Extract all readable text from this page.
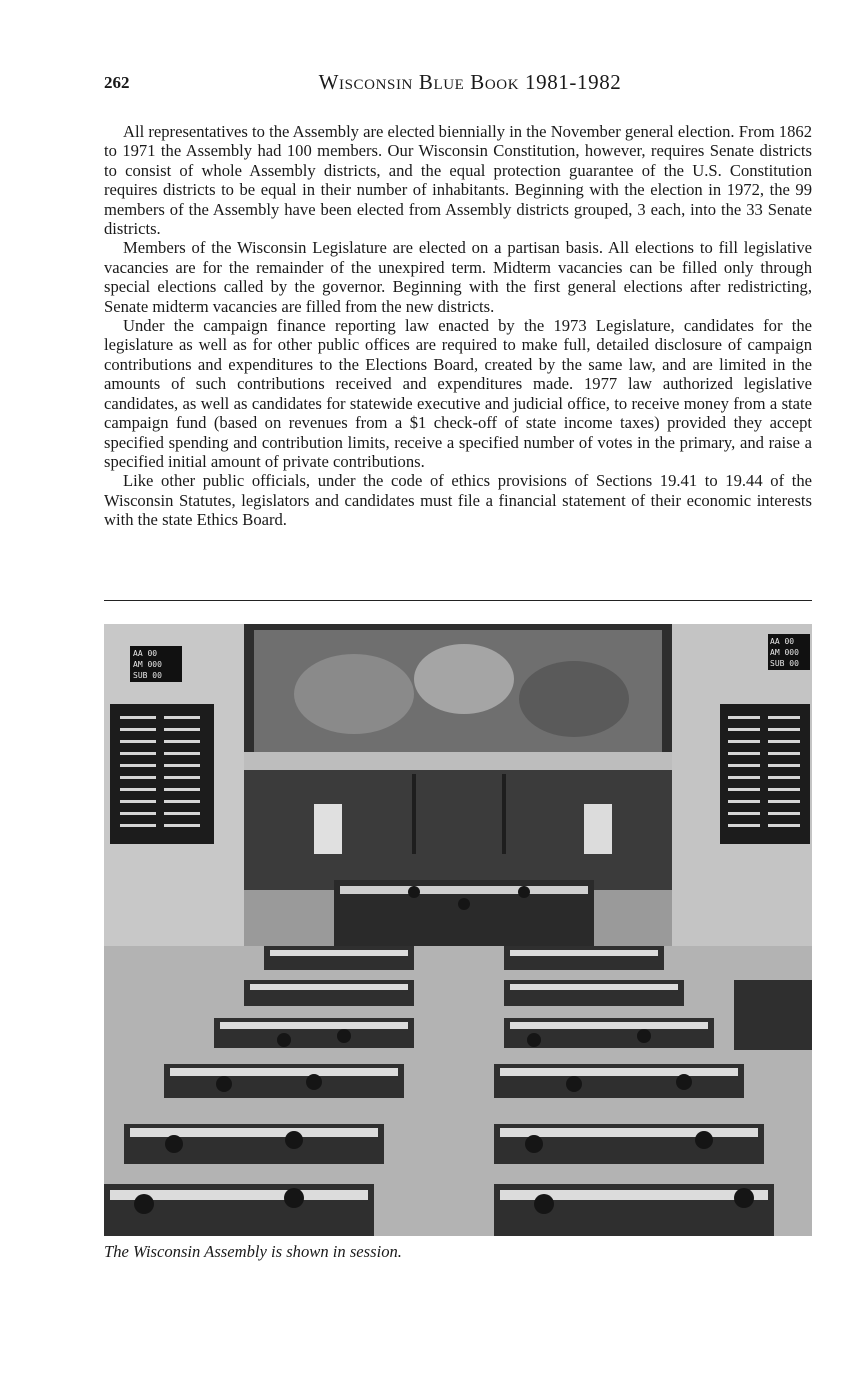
262	Wisconsin Blue Book 1981-1982

All representatives to the Assembly are elected biennially in the November general election. From 1862 to 1971 the Assembly had 100 members. Our Wisconsin Constitution, however, requires Senate districts to consist of whole Assembly districts, and the equal protection guarantee of the U.S. Constitution requires districts to be equal in their number of inhabitants. Beginning with the election in 1972, the 99 members of the Assembly have been elected from Assembly districts grouped, 3 each, into the 33 Senate districts.

Members of the Wisconsin Legislature are elected on a partisan basis. All elections to fill legislative vacancies are for the remainder of the unexpired term. Midterm vacancies can be filled only through special elections called by the governor. Beginning with the first general elections after redistricting, Senate midterm vacancies are filled from the new districts.

Under the campaign finance reporting law enacted by the 1973 Legislature, candidates for the legislature as well as for other public offices are required to make full, detailed disclosure of campaign contributions and expenditures to the Elections Board, created by the same law, and are limited in the amounts of such contributions received and expenditures made. 1977 law authorized legislative candidates, as well as candidates for statewide executive and judicial office, to receive money from a state campaign fund (based on revenues from a $1 check-off of state income taxes) provided they accept specified spending and contribution limits, receive a specified number of votes in the primary, and raise a specified initial amount of private contributions.

Like other public officials, under the code of ethics provisions of Sections 19.41 to 19.44 of the Wisconsin Statutes, legislators and candidates must file a financial statement of their economic interests with the state Ethics Board.

AA 00
AM 000
SUB 00
AA 00
AM 000
SUB 00
The Wisconsin Assembly is shown in session.
